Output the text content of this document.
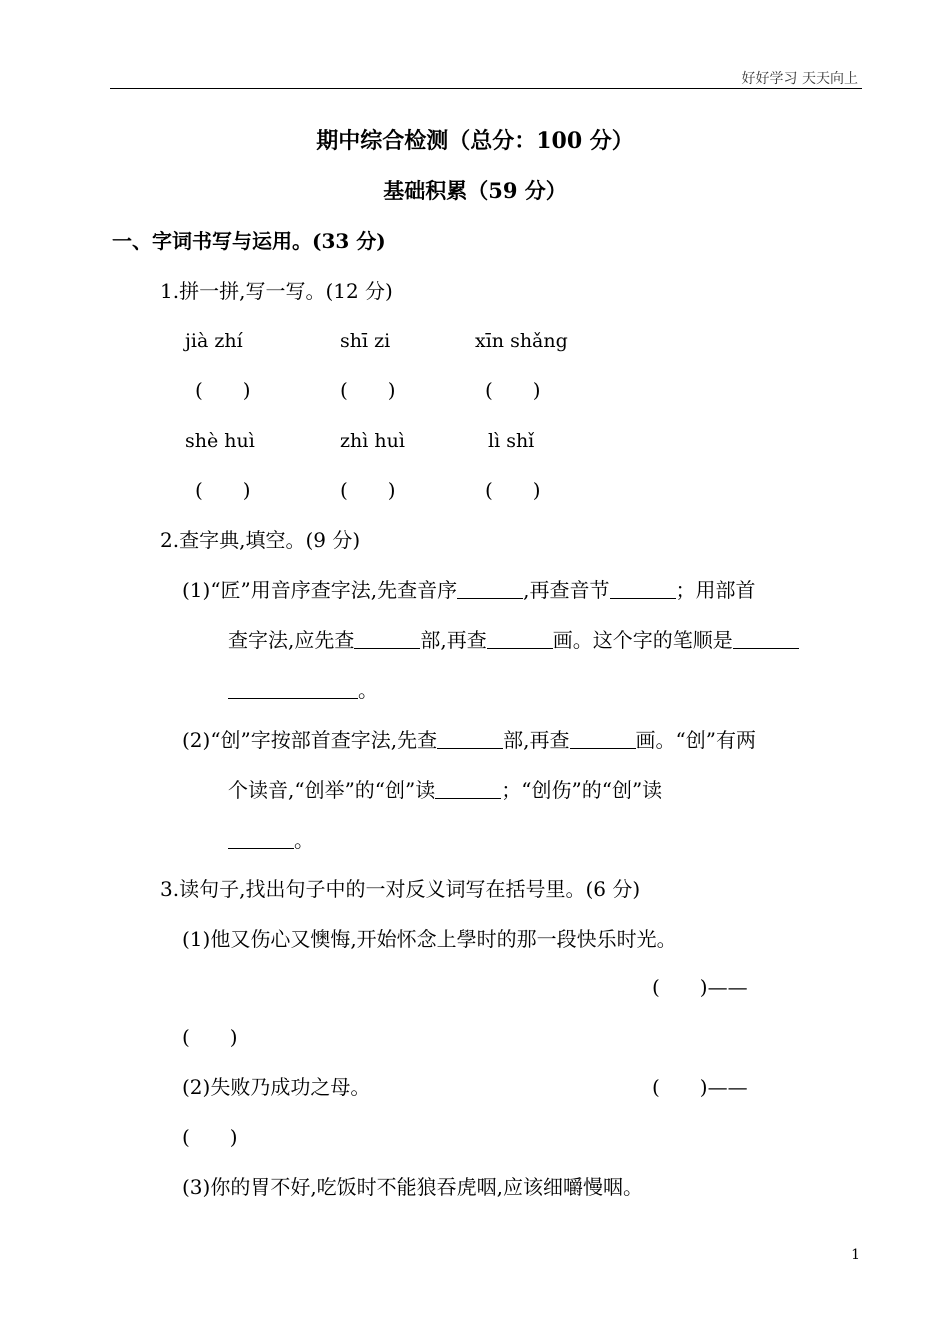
好好学习 天天向上
期中综合检测（总分：100 分）
基础积累（59 分）
一、字词书写与运用。(33 分)
1.拼一拼,写一写。(12 分)
jià zhí	shī zi	xīn shǎng
(　　)	(　　)	(　　)
shè huì	zhì huì	lì shǐ
(　　)	(　　)	(　　)
2.查字典,填空。(9 分)
(1)“匠”用音序查字法,先查音序	,再查音节	；用部首
查字法,应先查	部,再查	画。这个字的笔顺是
。
(2)“创”字按部首查字法,先查	部,再查	画。“创”有两
个读音,“创举”的“创”读	；“创伤”的“创”读
。
3.读句子,找出句子中的一对反义词写在括号里。(6 分)
(1)他又伤心又懊悔,开始怀念上學时的那一段快乐时光。
(　　)——
(　　)
(2)失败乃成功之母。	(　　)——
(　　)
(3)你的胃不好,吃饭时不能狼吞虎咽,应该细嚼慢咽。
1
